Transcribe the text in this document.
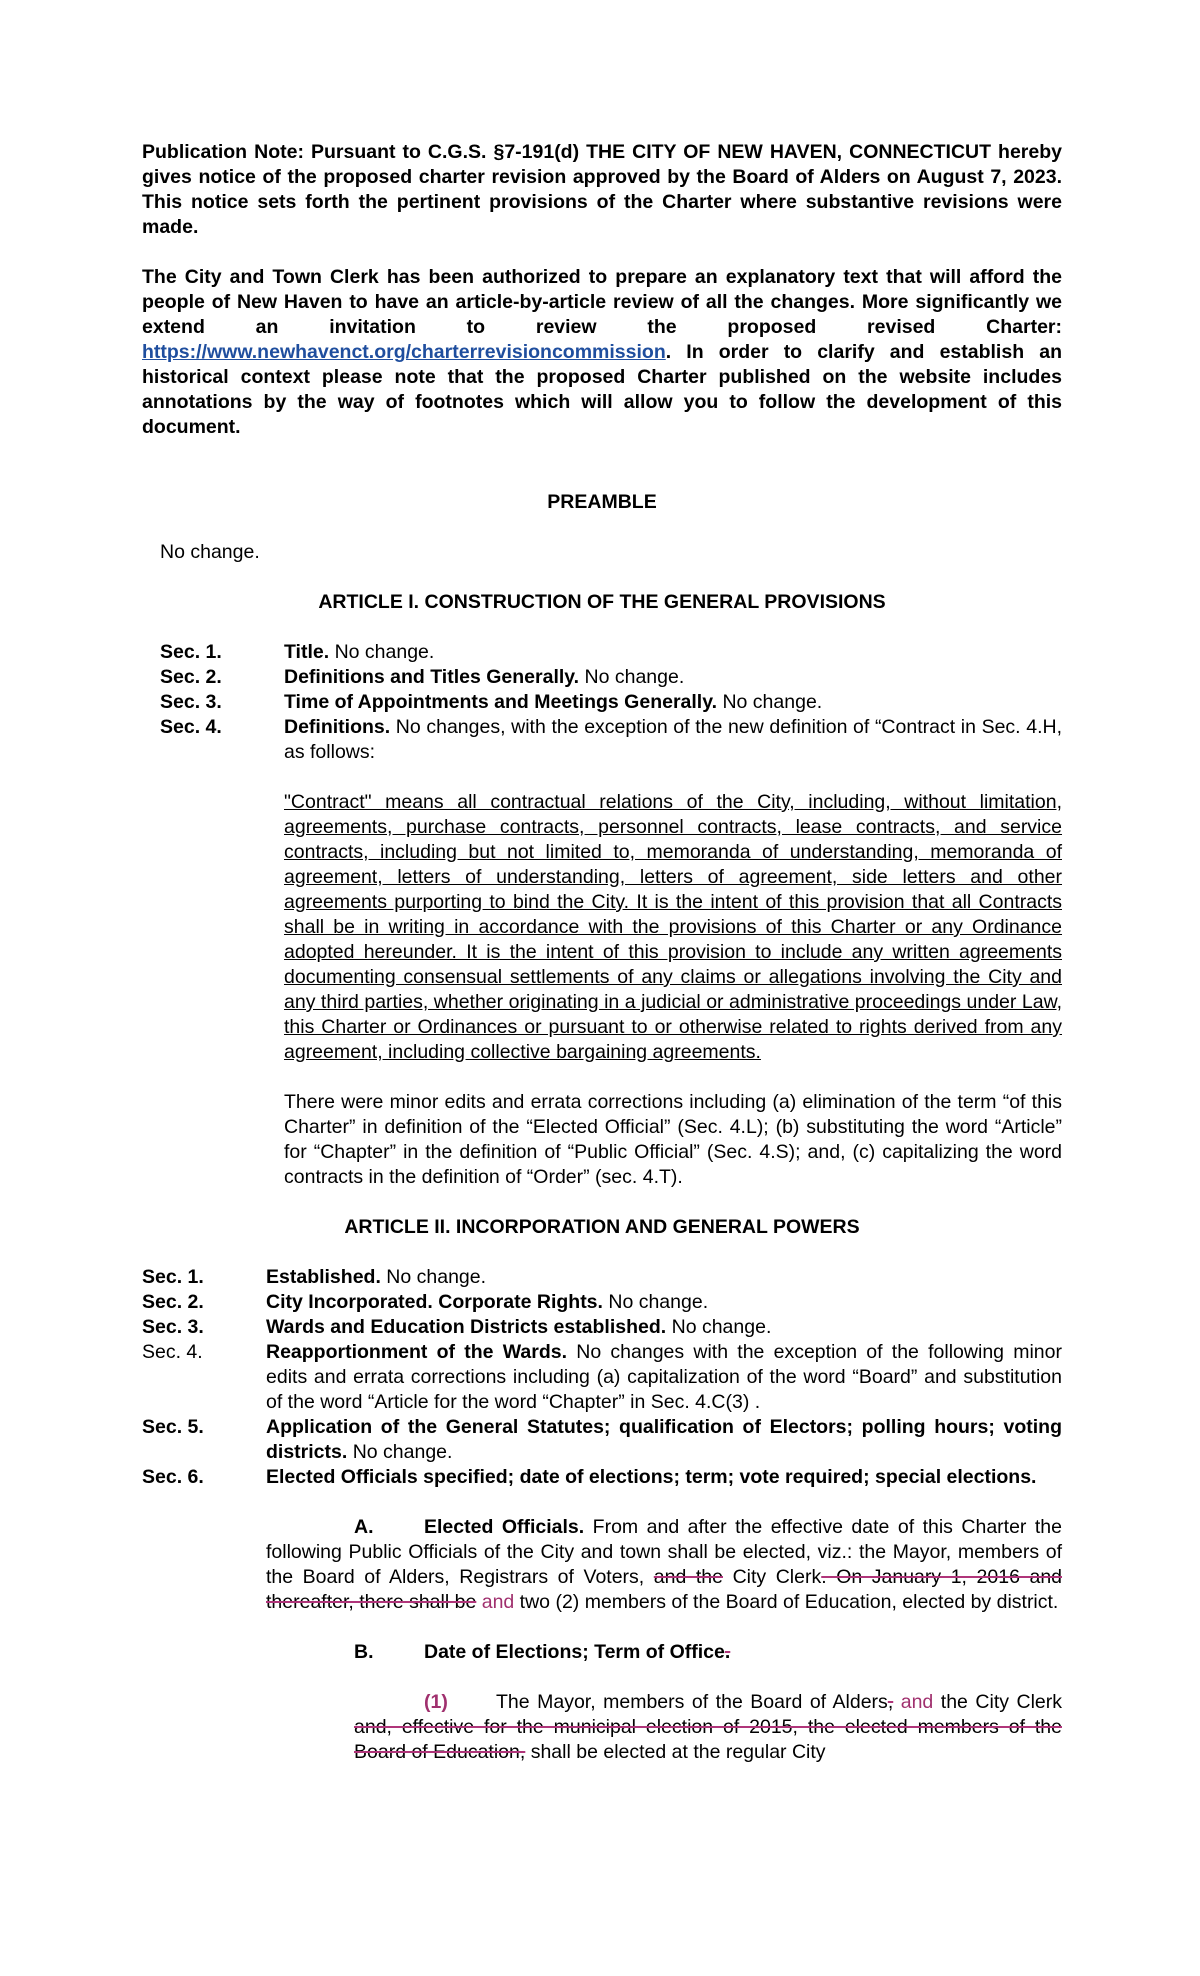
Publication Note: Pursuant to C.G.S. §7-191(d) THE CITY OF NEW HAVEN, CONNECTICUT hereby gives notice of the proposed charter revision approved by the Board of Alders on August 7, 2023. This notice sets forth the pertinent provisions of the Charter where substantive revisions were made.
The City and Town Clerk has been authorized to prepare an explanatory text that will afford the people of New Haven to have an article-by-article review of all the changes. More significantly we extend an invitation to review the proposed revised Charter: https://www.newhavenct.org/charterrevisioncommission. In order to clarify and establish an historical context please note that the proposed Charter published on the website includes annotations by the way of footnotes which will allow you to follow the development of this document.
PREAMBLE
No change.
ARTICLE I. CONSTRUCTION OF THE GENERAL PROVISIONS
Sec. 1.	Title. No change.
Sec. 2.	Definitions and Titles Generally. No change.
Sec. 3.	Time of Appointments and Meetings Generally. No change.
Sec. 4.	Definitions. No changes, with the exception of the new definition of “Contract in Sec. 4.H, as follows:
"Contract" means all contractual relations of the City, including, without limitation, agreements, purchase contracts, personnel contracts, lease contracts, and service contracts, including but not limited to, memoranda of understanding, memoranda of agreement, letters of understanding, letters of agreement, side letters and other agreements purporting to bind the City. It is the intent of this provision that all Contracts shall be in writing in accordance with the provisions of this Charter or any Ordinance adopted hereunder. It is the intent of this provision to include any written agreements documenting consensual settlements of any claims or allegations involving the City and any third parties, whether originating in a judicial or administrative proceedings under Law, this Charter or Ordinances or pursuant to or otherwise related to rights derived from any agreement, including collective bargaining agreements.
There were minor edits and errata corrections including (a) elimination of the term “of this Charter” in definition of the “Elected Official” (Sec. 4.L); (b) substituting the word “Article” for “Chapter” in the definition of “Public Official” (Sec. 4.S); and, (c) capitalizing the word contracts in the definition of “Order” (sec. 4.T).
ARTICLE II. INCORPORATION AND GENERAL POWERS
Sec. 1.	Established. No change.
Sec. 2.	City Incorporated. Corporate Rights. No change.
Sec. 3.	Wards and Education Districts established. No change.
Sec. 4.	Reapportionment of the Wards. No changes with the exception of the following minor edits and errata corrections including (a) capitalization of the word “Board” and substitution of the word “Article for the word “Chapter” in Sec. 4.C(3) .
Sec. 5.	Application of the General Statutes; qualification of Electors; polling hours; voting districts. No change.
Sec. 6.	Elected Officials specified; date of elections; term; vote required; special elections.
A.	Elected Officials. From and after the effective date of this Charter the following Public Officials of the City and town shall be elected, viz.: the Mayor, members of the Board of Alders, Registrars of Voters, and the City Clerk. On January 1, 2016 and thereafter, there shall be and two (2) members of the Board of Education, elected by district.
B.	Date of Elections; Term of Office.
(1) The Mayor, members of the Board of Alders, and the City Clerk and, effective for the municipal election of 2015, the elected members of the Board of Education, shall be elected at the regular City
